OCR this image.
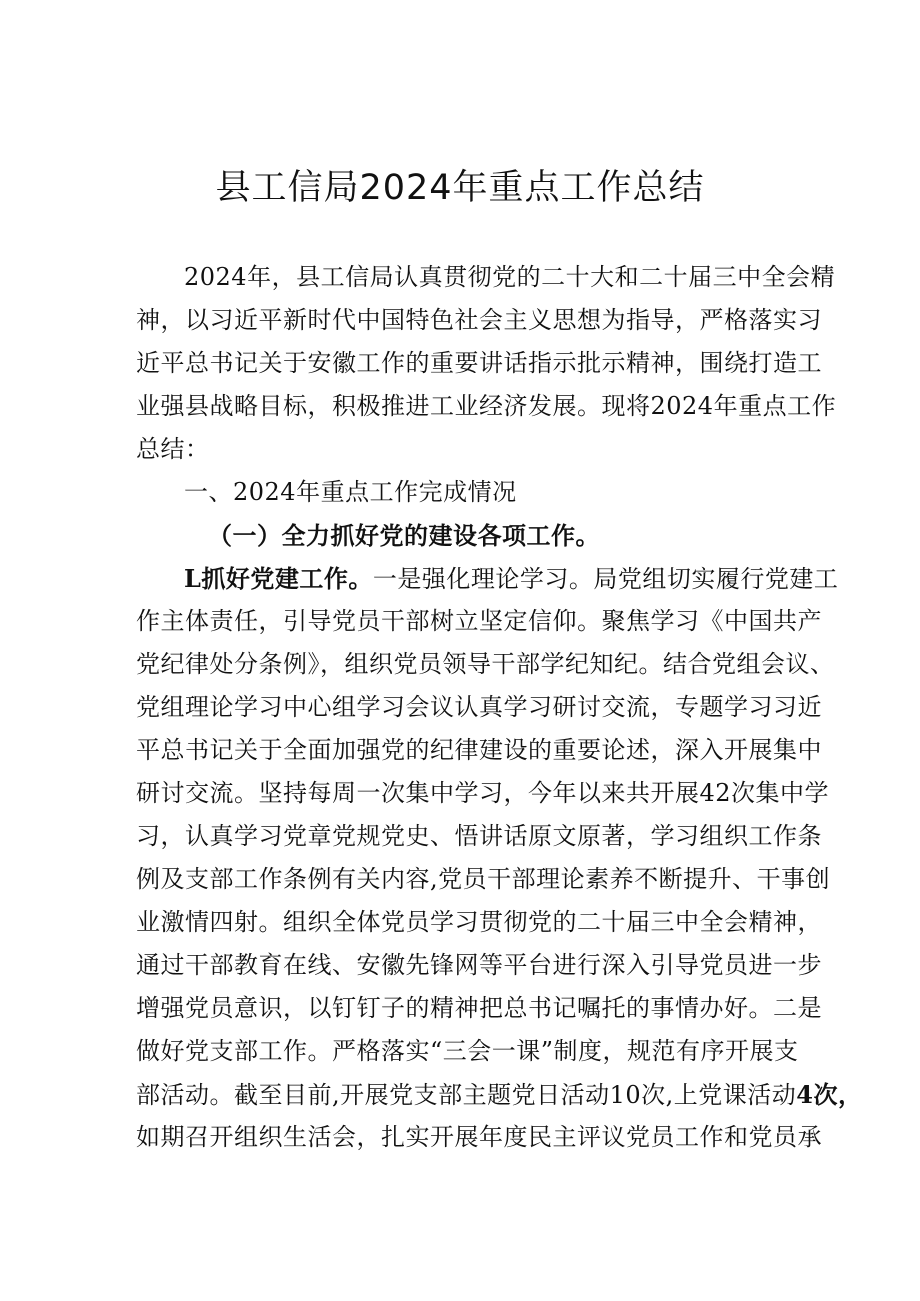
县工信局2024年重点工作总结
2024年，县工信局认真贯彻党的二十大和二十届三中全会精
神，以习近平新时代中国特色社会主义思想为指导，严格落实习
近平总书记关于安徽工作的重要讲话指示批示精神，围绕打造工
业强县战略目标，积极推进工业经济发展。现将2024年重点工作
总结：
一、2024年重点工作完成情况
（一）全力抓好党的建设各项工作。
L抓好党建工作。一是强化理论学习。局党组切实履行党建工
作主体责任，引导党员干部树立坚定信仰。聚焦学习《中国共产
党纪律处分条例》，组织党员领导干部学纪知纪。结合党组会议、
党组理论学习中心组学习会议认真学习研讨交流，专题学习习近
平总书记关于全面加强党的纪律建设的重要论述，深入开展集中
研讨交流。坚持每周一次集中学习，今年以来共开展42次集中学
习，认真学习党章党规党史、悟讲话原文原著，学习组织工作条
例及支部工作条例有关内容,党员干部理论素养不断提升、干事创
业激情四射。组织全体党员学习贯彻党的二十届三中全会精神，
通过干部教育在线、安徽先锋网等平台进行深入引导党员进一步
增强党员意识，以钉钉子的精神把总书记嘱托的事情办好。二是
做好党支部工作。严格落实“三会一课”制度，规范有序开展支
部活动。截至目前,开展党支部主题党日活动10次,上党课活动4次，
如期召开组织生活会，扎实开展年度民主评议党员工作和党员承
